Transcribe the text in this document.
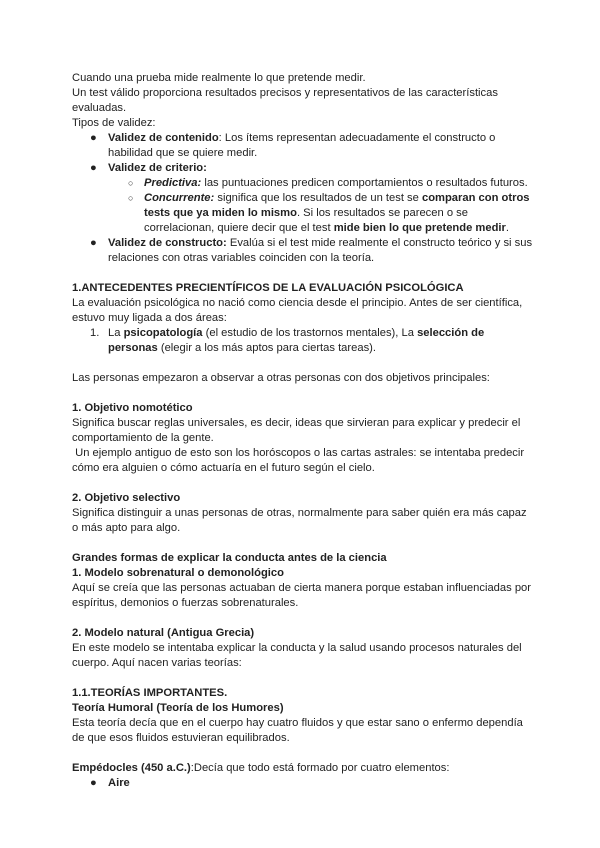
Cuando una prueba mide realmente lo que pretende medir.

Un test válido proporciona resultados precisos y representativos de las características evaluadas.

Tipos de validez:

● Validez de contenido: Los ítems representan adecuadamente el constructo o habilidad que se quiere medir.
● Validez de criterio:
○ Predictiva: las puntuaciones predicen comportamientos o resultados futuros.
○ Concurrente: significa que los resultados de un test se comparan con otros tests que ya miden lo mismo. Si los resultados se parecen o se correlacionan, quiere decir que el test mide bien lo que pretende medir.
● Validez de constructo: Evalúa si el test mide realmente el constructo teórico y si sus relaciones con otras variables coinciden con la teoría.

1.ANTECEDENTES PRECIENTÍFICOS DE LA EVALUACIÓN PSICOLÓGICA

La evaluación psicológica no nació como ciencia desde el principio. Antes de ser científica, estuvo muy ligada a dos áreas:

1. La psicopatología (el estudio de los trastornos mentales), La selección de personas (elegir a los más aptos para ciertas tareas).

Las personas empezaron a observar a otras personas con dos objetivos principales:

1. Objetivo nomotético

Significa buscar reglas universales, es decir, ideas que sirvieran para explicar y predecir el comportamiento de la gente.

Un ejemplo antiguo de esto son los horóscopos o las cartas astrales: se intentaba predecir cómo era alguien o cómo actuaría en el futuro según el cielo.

2. Objetivo selectivo

Significa distinguir a unas personas de otras, normalmente para saber quién era más capaz o más apto para algo.

Grandes formas de explicar la conducta antes de la ciencia

1. Modelo sobrenatural o demonológico

Aquí se creía que las personas actuaban de cierta manera porque estaban influenciadas por espíritus, demonios o fuerzas sobrenaturales.

2. Modelo natural (Antigua Grecia)

En este modelo se intentaba explicar la conducta y la salud usando procesos naturales del cuerpo. Aquí nacen varias teorías:

1.1.TEORÍAS IMPORTANTES.

Teoría Humoral (Teoría de los Humores)

Esta teoría decía que en el cuerpo hay cuatro fluidos y que estar sano o enfermo dependía de que esos fluidos estuvieran equilibrados.

Empédocles (450 a.C.):Decía que todo está formado por cuatro elementos:

● Aire
